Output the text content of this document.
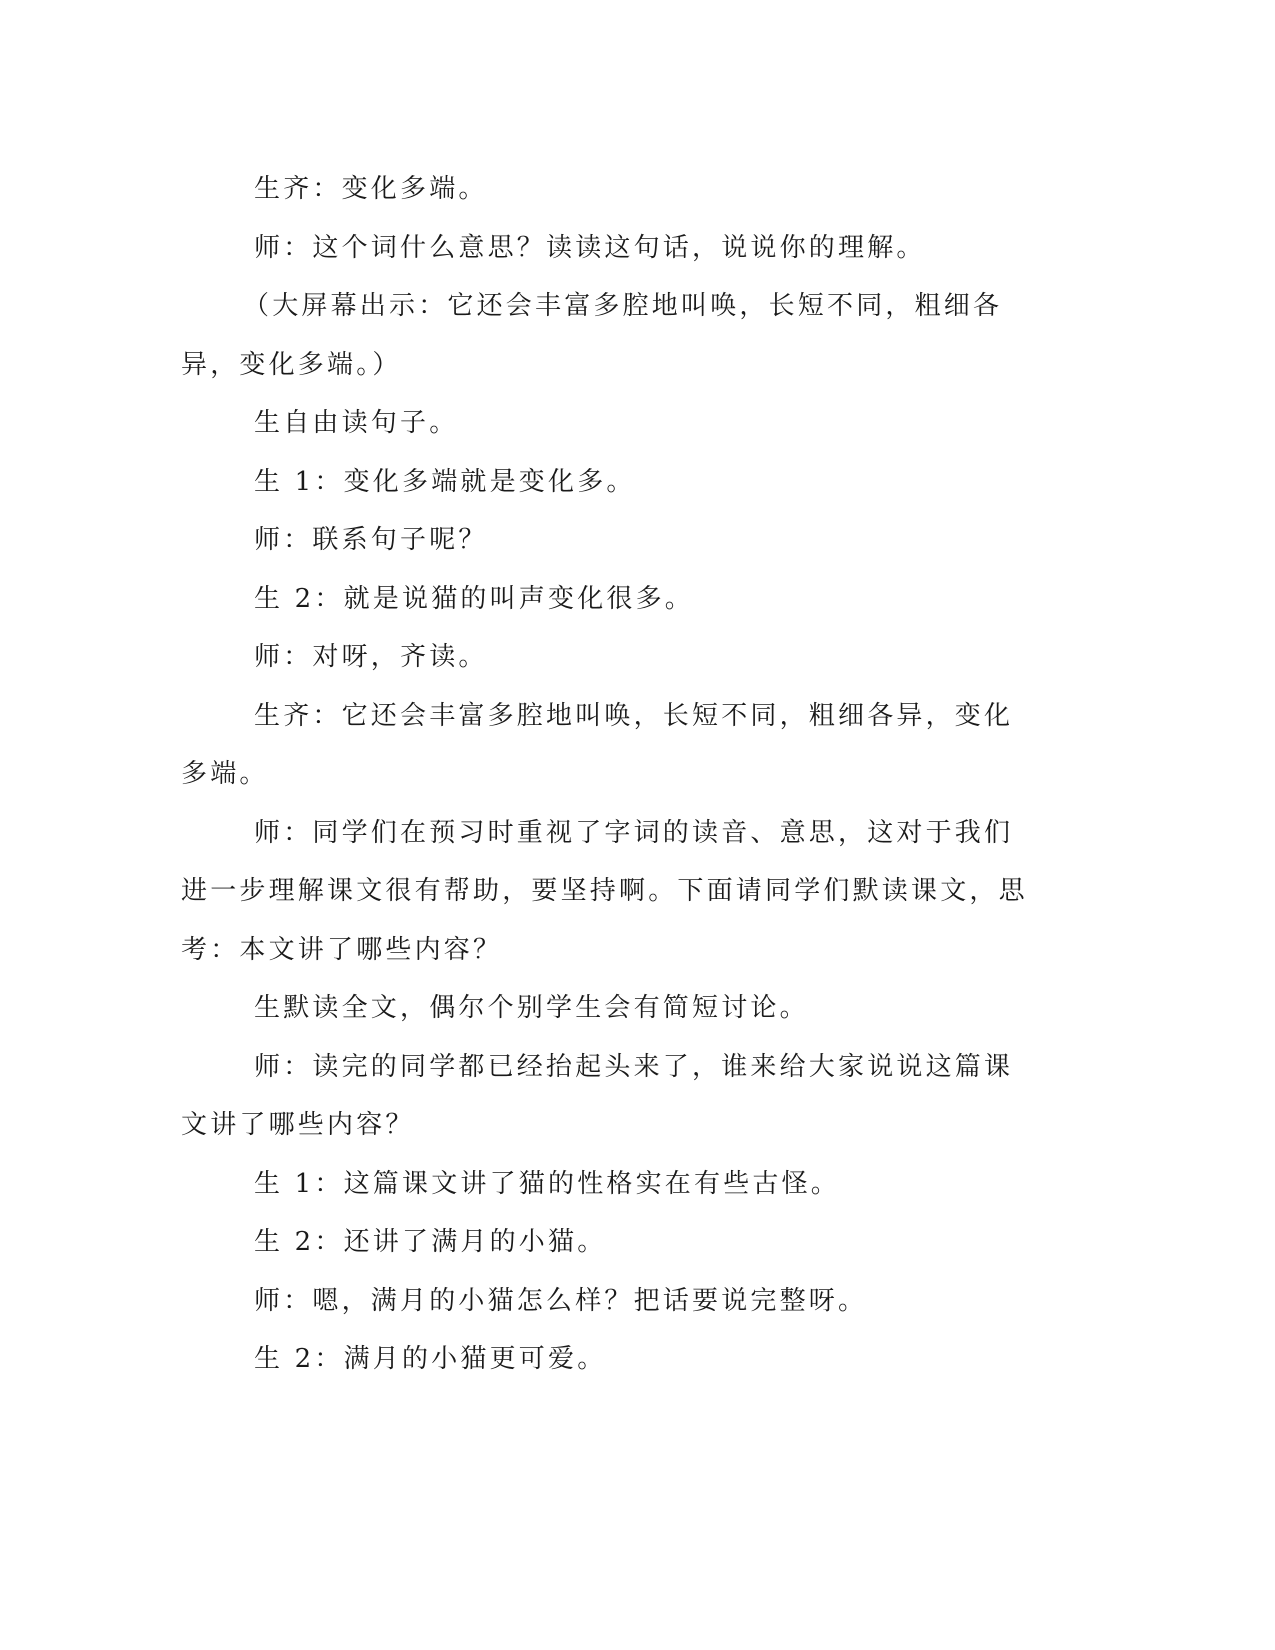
生齐：变化多端。

师：这个词什么意思？读读这句话，说说你的理解。

（大屏幕出示：它还会丰富多腔地叫唤，长短不同，粗细各异，变化多端。）

生自由读句子。

生 1：变化多端就是变化多。

师：联系句子呢？

生 2：就是说猫的叫声变化很多。

师：对呀，齐读。

生齐：它还会丰富多腔地叫唤，长短不同，粗细各异，变化多端。

师：同学们在预习时重视了字词的读音、意思，这对于我们进一步理解课文很有帮助，要坚持啊。下面请同学们默读课文，思考：本文讲了哪些内容？

生默读全文，偶尔个别学生会有简短讨论。

师：读完的同学都已经抬起头来了，谁来给大家说说这篇课文讲了哪些内容？

生 1：这篇课文讲了猫的性格实在有些古怪。

生 2：还讲了满月的小猫。

师：嗯，满月的小猫怎么样？把话要说完整呀。

生 2：满月的小猫更可爱。
